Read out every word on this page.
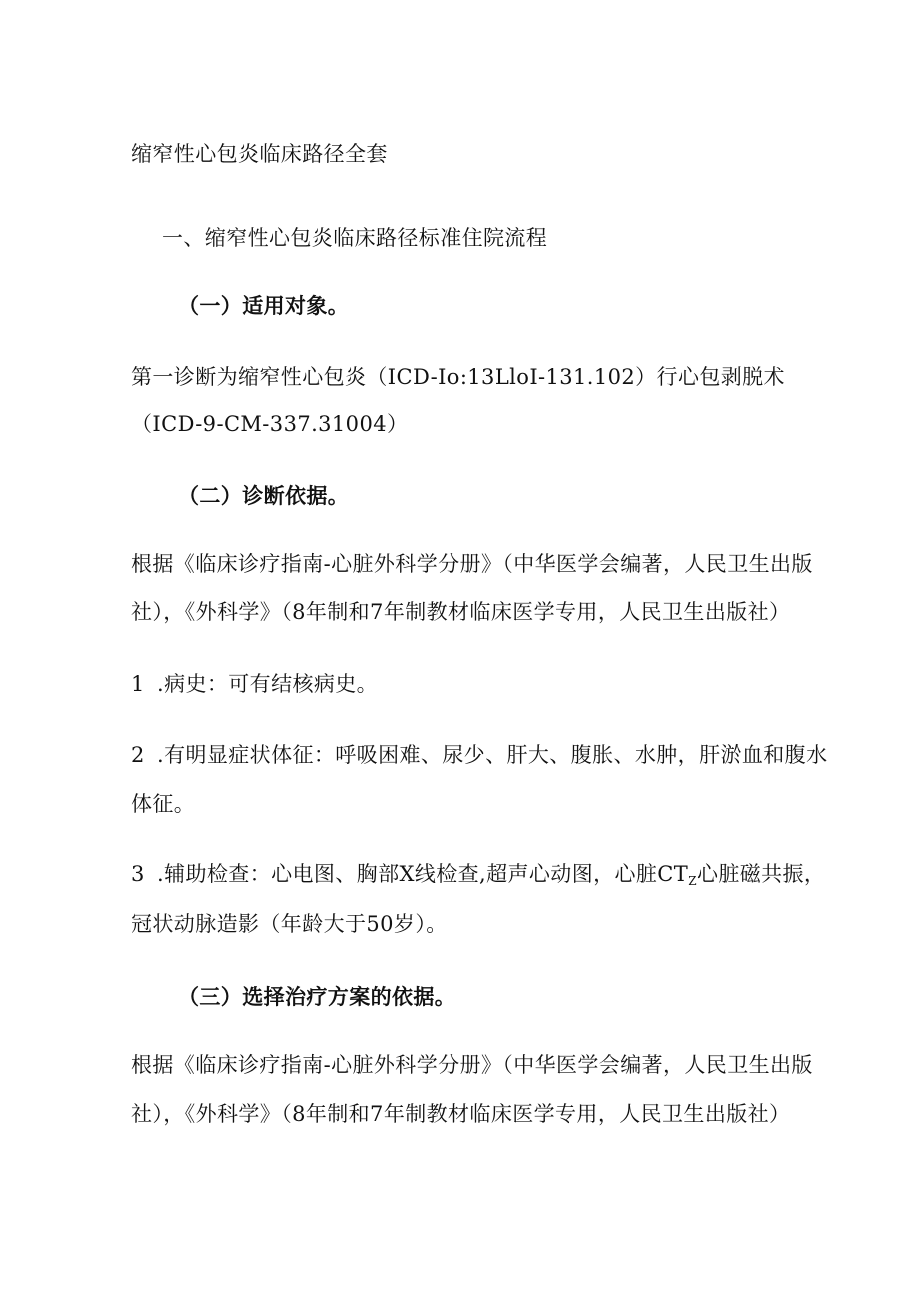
缩窄性心包炎临床路径全套
一、缩窄性心包炎临床路径标准住院流程
（一）适用对象。
第一诊断为缩窄性心包炎（ICD-Io:13LloI-131.102）行心包剥脱术
（ICD-9-CM-337.31004）
（二）诊断依据。
根据《临床诊疗指南-心脏外科学分册》（中华医学会编著，人民卫生出版
社），《外科学》（8年制和7年制教材临床医学专用，人民卫生出版社）
1 .病史：可有结核病史。
2 .有明显症状体征：呼吸困难、尿少、肝大、腹胀、水肿，肝淤血和腹水
体征。
3 .辅助检查：心电图、胸部X线检查,超声心动图，心脏$CT_Z$心脏磁共振，
冠状动脉造影（年龄大于50岁）。
（三）选择治疗方案的依据。
根据《临床诊疗指南-心脏外科学分册》（中华医学会编著，人民卫生出版
社），《外科学》（8年制和7年制教材临床医学专用，人民卫生出版社）
